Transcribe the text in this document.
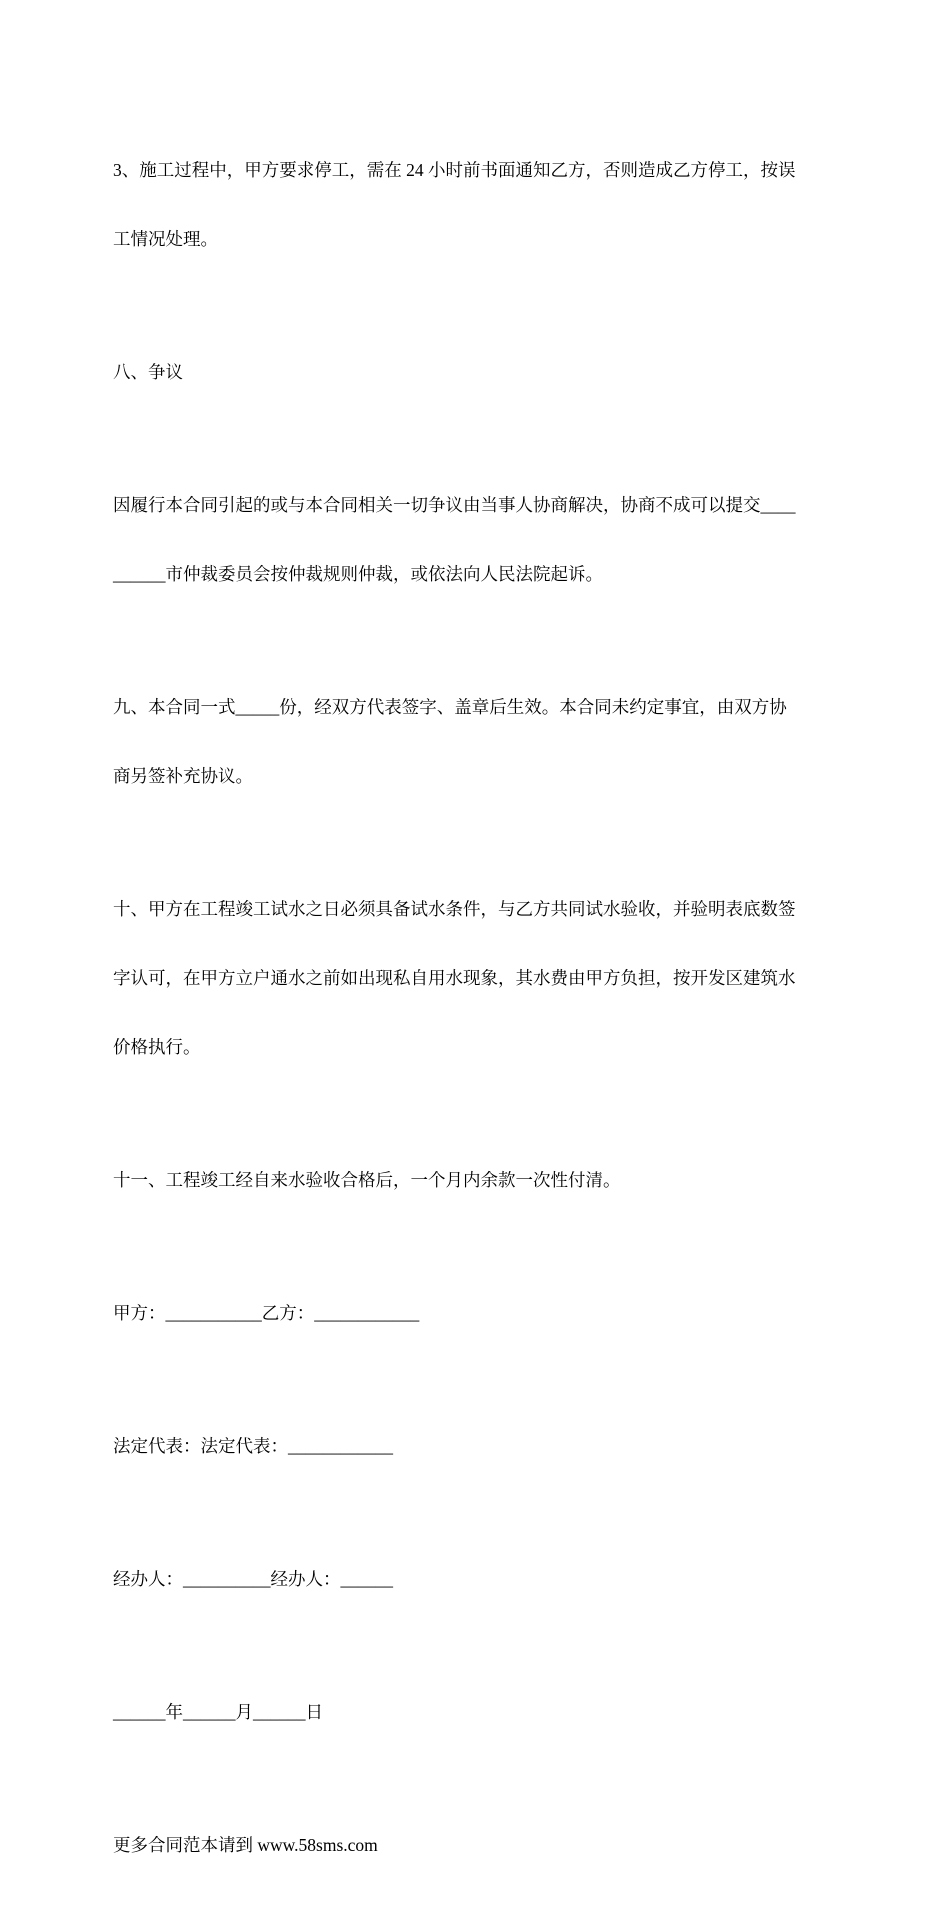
3、施工过程中，甲方要求停工，需在 24 小时前书面通知乙方，否则造成乙方停工，按误

工情况处理。

八、争议

因履行本合同引起的或与本合同相关一切争议由当事人协商解决，协商不成可以提交____

______市仲裁委员会按仲裁规则仲裁，或依法向人民法院起诉。

九、本合同一式_____份，经双方代表签字、盖章后生效。本合同未约定事宜，由双方协

商另签补充协议。

十、甲方在工程竣工试水之日必须具备试水条件，与乙方共同试水验收，并验明表底数签

字认可，在甲方立户通水之前如出现私自用水现象，其水费由甲方负担，按开发区建筑水

价格执行。

十一、工程竣工经自来水验收合格后，一个月内余款一次性付清。

甲方：___________乙方：____________

法定代表：法定代表：____________

经办人：__________经办人：______

______年______月______日

更多合同范本请到 www.58sms.com
